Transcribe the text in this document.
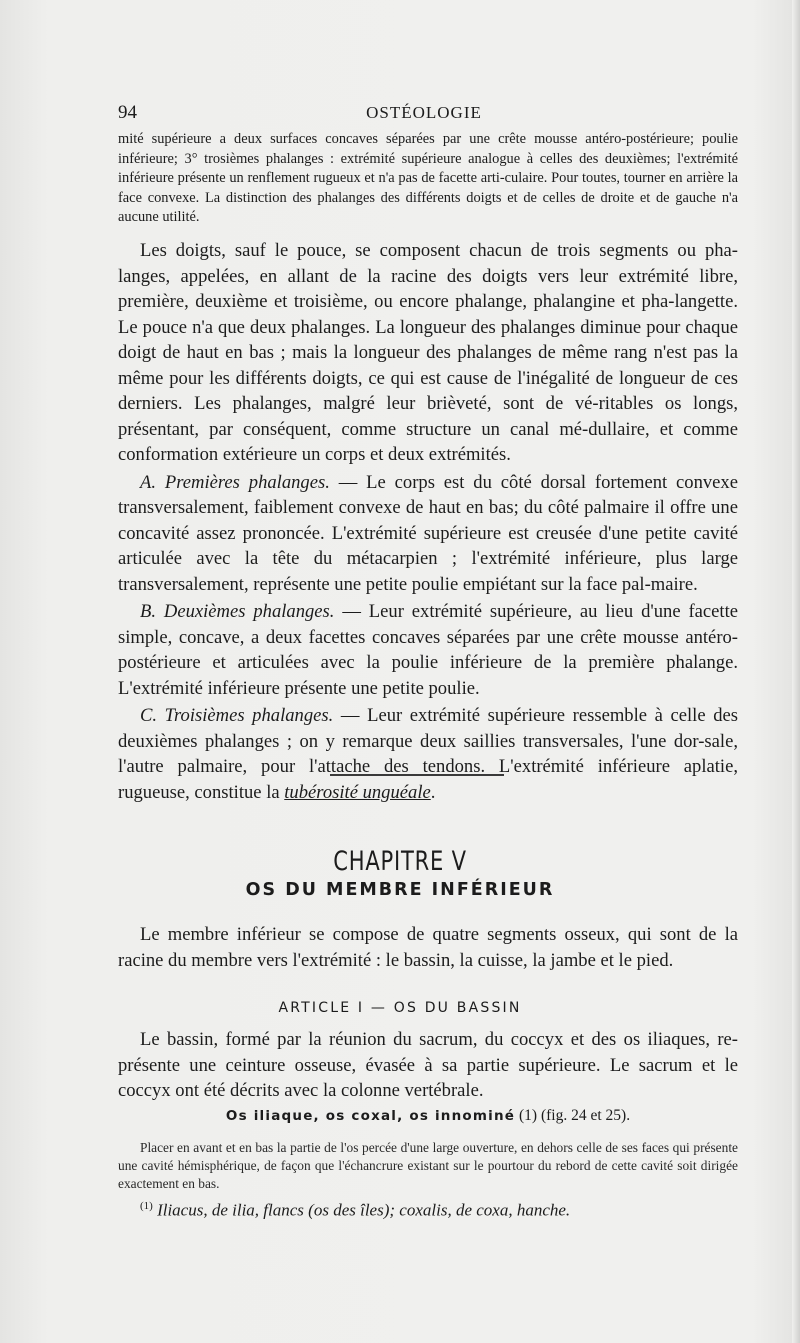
94	OSTÉOLOGIE

mité supérieure a deux surfaces concaves séparées par une crête mousse antéro-postérieure; poulie inférieure; 3° trosièmes phalanges : extrémité supérieure analogue à celles des deuxièmes; l'extrémité inférieure présente un renflement rugueux et n'a pas de facette arti-culaire. Pour toutes, tourner en arrière la face convexe. La distinction des phalanges des différents doigts et de celles de droite et de gauche n'a aucune utilité.

Les doigts, sauf le pouce, se composent chacun de trois segments ou pha-langes, appelées, en allant de la racine des doigts vers leur extrémité libre, première, deuxième et troisième, ou encore phalange, phalangine et pha-langette. Le pouce n'a que deux phalanges. La longueur des phalanges diminue pour chaque doigt de haut en bas ; mais la longueur des phalanges de même rang n'est pas la même pour les différents doigts, ce qui est cause de l'inégalité de longueur de ces derniers. Les phalanges, malgré leur brièveté, sont de vé-ritables os longs, présentant, par conséquent, comme structure un canal mé-dullaire, et comme conformation extérieure un corps et deux extrémités.

A. Premières phalanges. — Le corps est du côté dorsal fortement convexe transversalement, faiblement convexe de haut en bas; du côté palmaire il offre une concavité assez prononcée. L'extrémité supérieure est creusée d'une petite cavité articulée avec la tête du métacarpien ; l'extrémité inférieure, plus large transversalement, représente une petite poulie empiétant sur la face pal-maire.

B. Deuxièmes phalanges. — Leur extrémité supérieure, au lieu d'une facette simple, concave, a deux facettes concaves séparées par une crête mousse antéro-postérieure et articulées avec la poulie inférieure de la première phalange. L'extrémité inférieure présente une petite poulie.

C. Troisièmes phalanges. — Leur extrémité supérieure ressemble à celle des deuxièmes phalanges ; on y remarque deux saillies transversales, l'une dor-sale, l'autre palmaire, pour l'attache des tendons. L'extrémité inférieure aplatie, rugueuse, constitue la tubérosité unguéale.

CHAPITRE V
OS DU MEMBRE INFÉRIEUR

Le membre inférieur se compose de quatre segments osseux, qui sont de la racine du membre vers l'extrémité : le bassin, la cuisse, la jambe et le pied.

ARTICLE I — OS DU BASSIN

Le bassin, formé par la réunion du sacrum, du coccyx et des os iliaques, re-présente une ceinture osseuse, évasée à sa partie supérieure. Le sacrum et le coccyx ont été décrits avec la colonne vertébrale.

Os iliaque, os coxal, os innominé (1) (fig. 24 et 25).

Placer en avant et en bas la partie de l'os percée d'une large ouverture, en dehors celle de ses faces qui présente une cavité hémisphérique, de façon que l'échancrure existant sur le pourtour du rebord de cette cavité soit dirigée exactement en bas.

$^{(1)}$ Iliacus, de ilia, flancs (os des îles); coxalis, de coxa, hanche.
